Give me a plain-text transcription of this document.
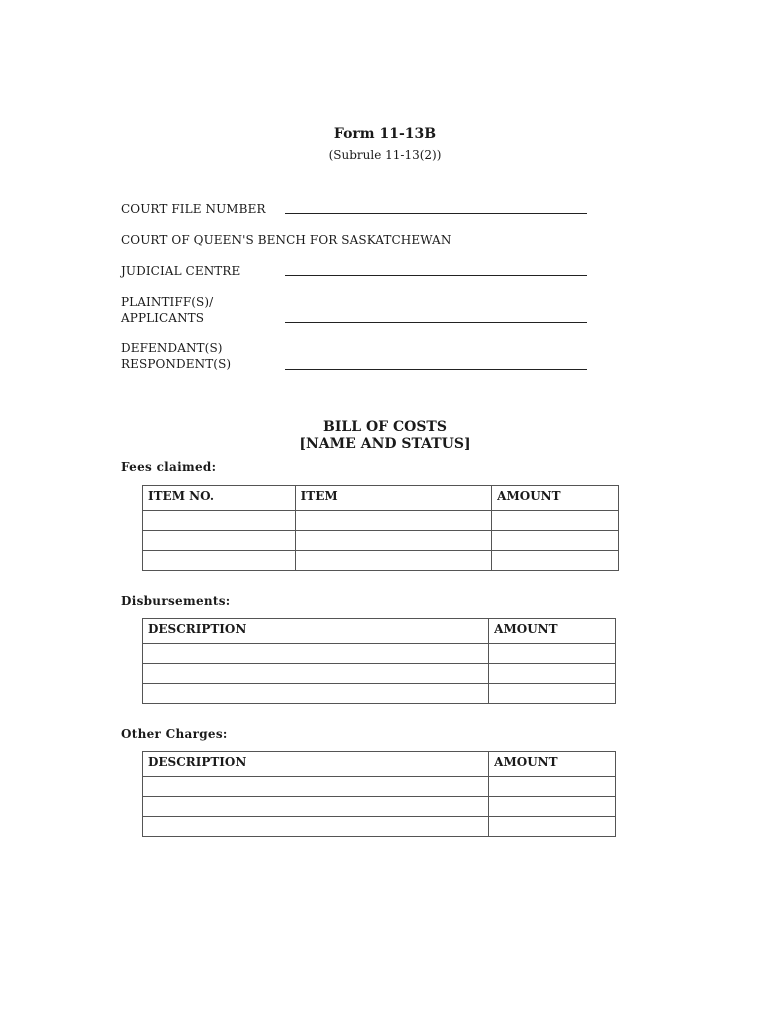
Form 11-13B
(Subrule 11-13(2))
COURT FILE NUMBER
COURT OF QUEEN'S BENCH FOR SASKATCHEWAN
JUDICIAL CENTRE
PLAINTIFF(S)/
APPLICANTS
DEFENDANT(S)
RESPONDENT(S)
BILL OF COSTS
[NAME AND STATUS]
Fees claimed:
ITEM NO.	ITEM	AMOUNT

Disbursements:
DESCRIPTION	AMOUNT

Other Charges:
DESCRIPTION	AMOUNT
